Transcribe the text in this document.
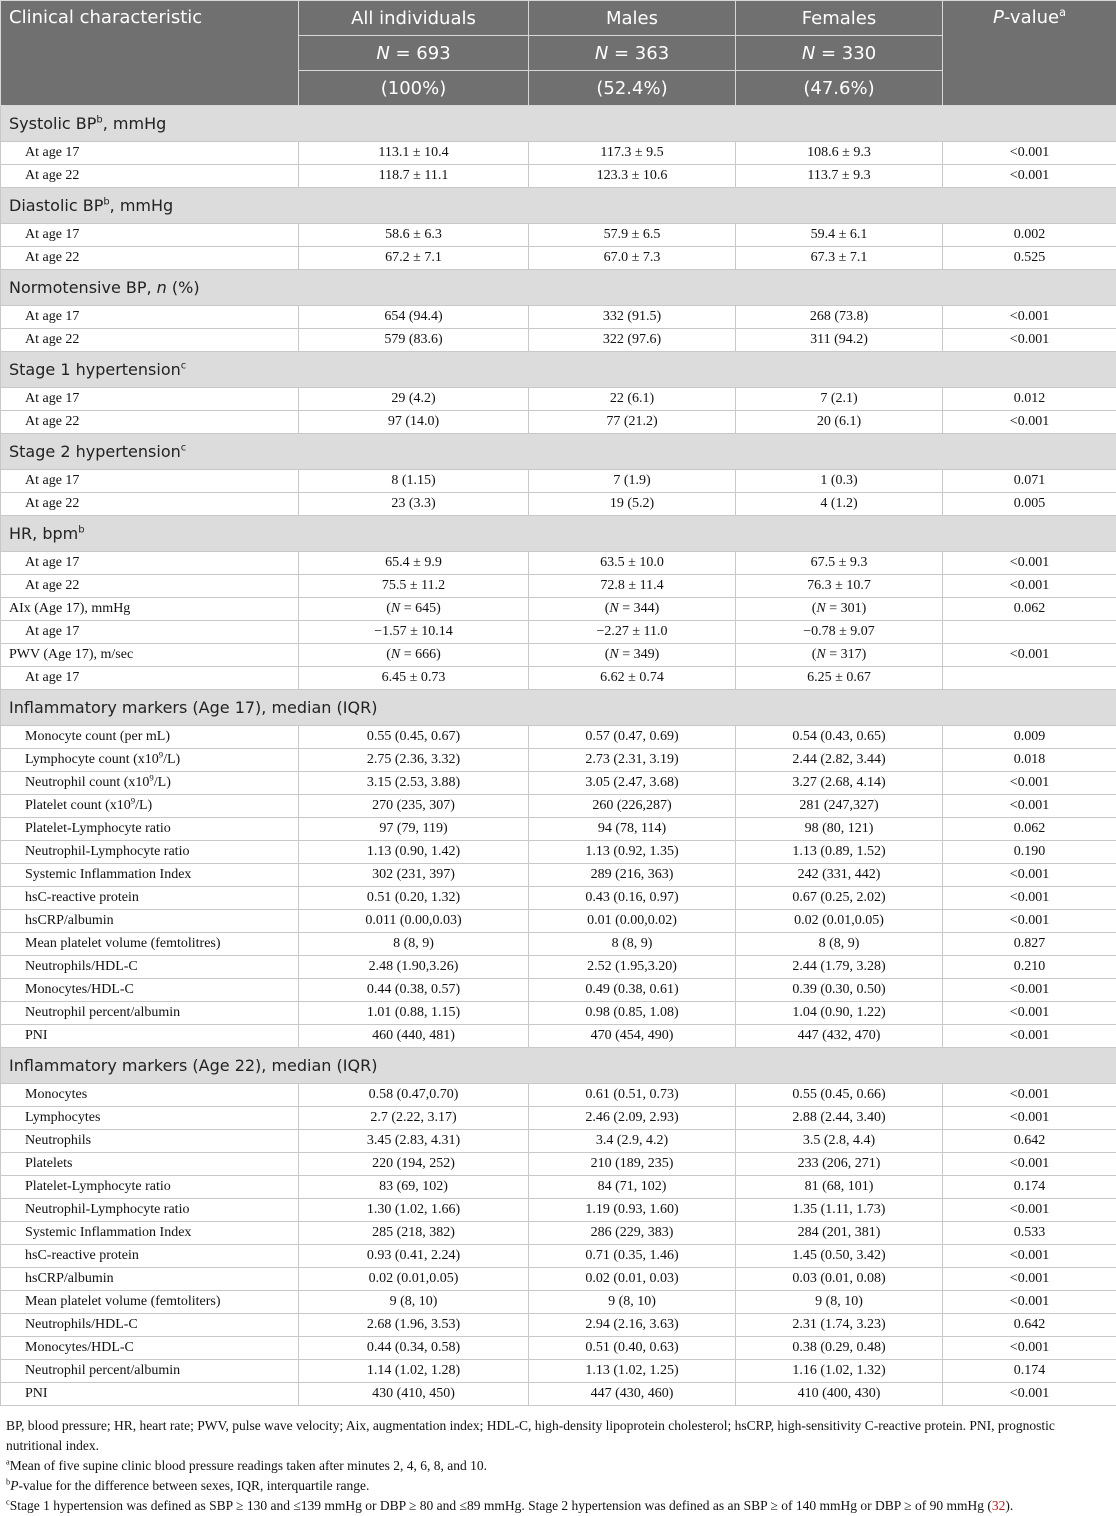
Clinical characteristic	All individuals	Males	Females	P-value$^a$
	N = 693	N = 363	N = 330	
	(100%)	(52.4%)	(47.6%)	
Systolic $BP^b$, mmHg				
At age 17	113.1 ± 10.4	117.3 ± 9.5	108.6 ± 9.3	<0.001
At age 22	118.7 ± 11.1	123.3 ± 10.6	113.7 ± 9.3	<0.001
Diastolic $BP^b$, mmHg				
At age 17	58.6 ± 6.3	57.9 ± 6.5	59.4 ± 6.1	0.002
At age 22	67.2 ± 7.1	67.0 ± 7.3	67.3 ± 7.1	0.525
Normotensive BP, n (%)				
At age 17	654 (94.4)	332 (91.5)	268 (73.8)	<0.001
At age 22	579 (83.6)	322 (97.6)	311 (94.2)	<0.001
Stage 1 hypertension$^c$
At age 17	29 (4.2)	22 (6.1)	7 (2.1)	0.012
At age 22	97 (14.0)	77 (21.2)	20 (6.1)	<0.001
Stage 2 hypertension$^c$
At age 17	8 (1.15)	7 (1.9)	1 (0.3)	0.071
At age 22	23 (3.3)	19 (5.2)	4 (1.2)	0.005
HR, bpm$^b$
At age 17	65.4 ± 9.9	63.5 ± 10.0	67.5 ± 9.3	<0.001
At age 22	75.5 ± 11.2	72.8 ± 11.4	76.3 ± 10.7	<0.001
AIx (Age 17), mmHg	(N = 645)	(N = 344)	(N = 301)	0.062
At age 17	−1.57 ± 10.14	−2.27 ± 11.0	−0.78 ± 9.07	
PWV (Age 17), m/sec	(N = 666)	(N = 349)	(N = 317)	<0.001
At age 17	6.45 ± 0.73	6.62 ± 0.74	6.25 ± 0.67	
Inflammatory markers (Age 17), median (IQR)				
Monocyte count (per mL)	0.55 (0.45, 0.67)	0.57 (0.47, 0.69)	0.54 (0.43, 0.65)	0.009
Lymphocyte count $(x10^9/L)$	2.75 (2.36, 3.32)	2.73 (2.31, 3.19)	2.44 (2.82, 3.44)	0.018
Neutrophil count $(x10^9/L)$	3.15 (2.53, 3.88)	3.05 (2.47, 3.68)	3.27 (2.68, 4.14)	<0.001
Platelet count $(x10^9/L)$	270 (235, 307)	260 (226,287)	281 (247,327)	<0.001
Platelet-Lymphocyte ratio	97 (79, 119)	94 (78, 114)	98 (80, 121)	0.062
Neutrophil-Lymphocyte ratio	1.13 (0.90, 1.42)	1.13 (0.92, 1.35)	1.13 (0.89, 1.52)	0.190
Systemic Inflammation Index	302 (231, 397)	289 (216, 363)	242 (331, 442)	<0.001
hsC-reactive protein	0.51 (0.20, 1.32)	0.43 (0.16, 0.97)	0.67 (0.25, 2.02)	<0.001
hsCRP/albumin	0.011 (0.00,0.03)	0.01 (0.00,0.02)	0.02 (0.01,0.05)	<0.001
Mean platelet volume (femtolitres)	8 (8, 9)	8 (8, 9)	8 (8, 9)	0.827
Neutrophils/HDL-C	2.48 (1.90,3.26)	2.52 (1.95,3.20)	2.44 (1.79, 3.28)	0.210
Monocytes/HDL-C	0.44 (0.38, 0.57)	0.49 (0.38, 0.61)	0.39 (0.30, 0.50)	<0.001
Neutrophil percent/albumin	1.01 (0.88, 1.15)	0.98 (0.85, 1.08)	1.04 (0.90, 1.22)	<0.001
PNI	460 (440, 481)	470 (454, 490)	447 (432, 470)	<0.001
Inflammatory markers (Age 22), median (IQR)				
Monocytes	0.58 (0.47,0.70)	0.61 (0.51, 0.73)	0.55 (0.45, 0.66)	<0.001
Lymphocytes	2.7 (2.22, 3.17)	2.46 (2.09, 2.93)	2.88 (2.44, 3.40)	<0.001
Neutrophils	3.45 (2.83, 4.31)	3.4 (2.9, 4.2)	3.5 (2.8, 4.4)	0.642
Platelets	220 (194, 252)	210 (189, 235)	233 (206, 271)	<0.001
Platelet-Lymphocyte ratio	83 (69, 102)	84 (71, 102)	81 (68, 101)	0.174
Neutrophil-Lymphocyte ratio	1.30 (1.02, 1.66)	1.19 (0.93, 1.60)	1.35 (1.11, 1.73)	<0.001
Systemic Inflammation Index	285 (218, 382)	286 (229, 383)	284 (201, 381)	0.533
hsC-reactive protein	0.93 (0.41, 2.24)	0.71 (0.35, 1.46)	1.45 (0.50, 3.42)	<0.001
hsCRP/albumin	0.02 (0.01,0.05)	0.02 (0.01, 0.03)	0.03 (0.01, 0.08)	<0.001
Mean platelet volume (femtoliters)	9 (8, 10)	9 (8, 10)	9 (8, 10)	<0.001
Neutrophils/HDL-C	2.68 (1.96, 3.53)	2.94 (2.16, 3.63)	2.31 (1.74, 3.23)	0.642
Monocytes/HDL-C	0.44 (0.34, 0.58)	0.51 (0.40, 0.63)	0.38 (0.29, 0.48)	<0.001
Neutrophil percent/albumin	1.14 (1.02, 1.28)	1.13 (1.02, 1.25)	1.16 (1.02, 1.32)	0.174
PNI	430 (410, 450)	447 (430, 460)	410 (400, 430)	<0.001

BP, blood pressure; HR, heart rate; PWV, pulse wave velocity; Aix, augmentation index; HDL-C, high-density lipoprotein cholesterol; hsCRP, high-sensitivity C-reactive protein. PNI, prognostic nutritional index.

$^a$Mean of five supine clinic blood pressure readings taken after minutes 2, 4, 6, 8, and 10.

$^b$P-value for the difference between sexes, IQR, interquartile range.

$^c$Stage 1 hypertension was defined as SBP ≥ 130 and ≤139 mmHg or DBP ≥ 80 and ≤89 mmHg. Stage 2 hypertension was defined as an SBP ≥ of 140 mmHg or DBP ≥ of 90 mmHg (32).
